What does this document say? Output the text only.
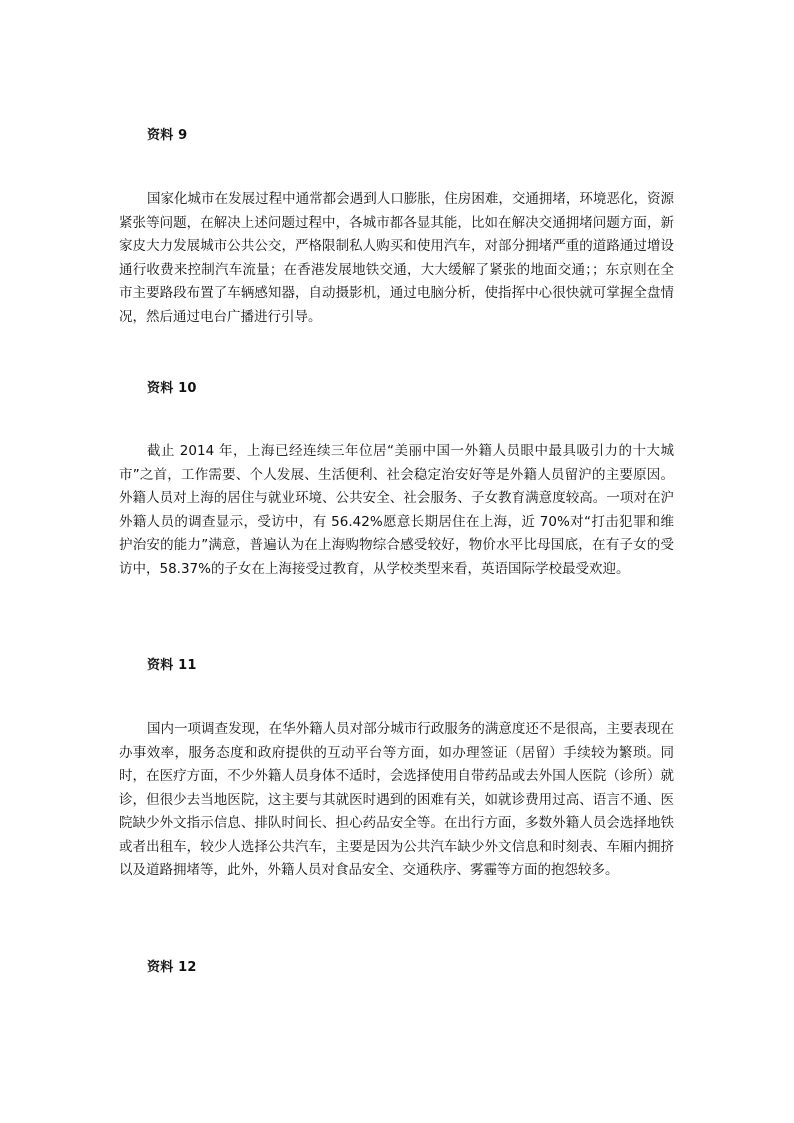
资料 9

国家化城市在发展过程中通常都会遇到人口膨胀，住房困难，交通拥堵，环境恶化，资源紧张等问题，在解决上述问题过程中，各城市都各显其能，比如在解决交通拥堵问题方面，新家皮大力发展城市公共公交，严格限制私人购买和使用汽车，对部分拥堵严重的道路通过增设通行收费来控制汽车流量；在香港发展地铁交通，大大缓解了紧张的地面交通；；东京则在全市主要路段布置了车辆感知器，自动摄影机，通过电脑分析，使指挥中心很快就可掌握全盘情况，然后通过电台广播进行引导。

资料 10

截止 2014 年，上海已经连续三年位居“美丽中国一外籍人员眼中最具吸引力的十大城市”之首，工作需要、个人发展、生活便利、社会稳定治安好等是外籍人员留沪的主要原因。外籍人员对上海的居住与就业环境、公共安全、社会服务、子女教育满意度较高。一项对在沪外籍人员的调查显示，受访中，有 56.42%愿意长期居住在上海，近 70%对“打击犯罪和维护治安的能力”满意，普遍认为在上海购物综合感受较好，物价水平比母国底，在有子女的受访中，58.37%的子女在上海接受过教育，从学校类型来看，英语国际学校最受欢迎。

资料 11

国内一项调查发现，在华外籍人员对部分城市行政服务的满意度还不是很高，主要表现在办事效率，服务态度和政府提供的互动平台等方面，如办理签证（居留）手续较为繁琐。同时，在医疗方面，不少外籍人员身体不适时，会选择使用自带药品或去外国人医院（诊所）就诊，但很少去当地医院，这主要与其就医时遇到的困难有关，如就诊费用过高、语言不通、医院缺少外文指示信息、排队时间长、担心药品安全等。在出行方面，多数外籍人员会选择地铁或者出租车，较少人选择公共汽车，主要是因为公共汽车缺少外文信息和时刻表、车厢内拥挤以及道路拥堵等，此外，外籍人员对食品安全、交通秩序、雾霾等方面的抱怨较多。

资料 12
